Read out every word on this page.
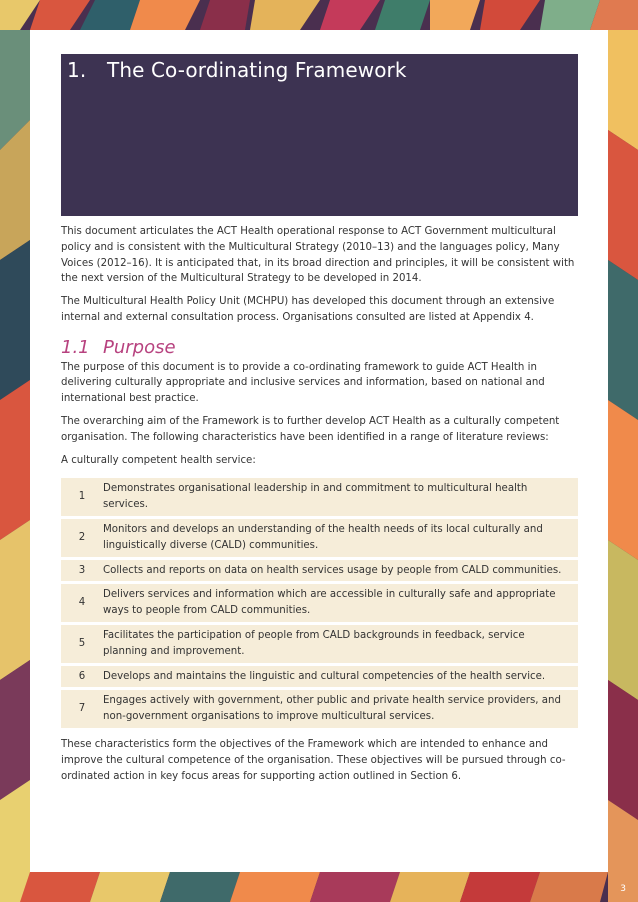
1. The Co-ordinating Framework

This document articulates the ACT Health operational response to ACT Government multicultural policy and is consistent with the Multicultural Strategy (2010–13) and the languages policy, Many Voices (2012–16). It is anticipated that, in its broad direction and principles, it will be consistent with the next version of the Multicultural Strategy to be developed in 2014.

The Multicultural Health Policy Unit (MCHPU) has developed this document through an extensive internal and external consultation process. Organisations consulted are listed at Appendix 4.

1.1 Purpose

The purpose of this document is to provide a co-ordinating framework to guide ACT Health in delivering culturally appropriate and inclusive services and information, based on national and international best practice.

The overarching aim of the Framework is to further develop ACT Health as a culturally competent organisation. The following characteristics have been identified in a range of literature reviews:

A culturally competent health service:

1	Demonstrates organisational leadership in and commitment to multicultural health services.
2	Monitors and develops an understanding of the health needs of its local culturally and linguistically diverse (CALD) communities.
3	Collects and reports on data on health services usage by people from CALD communities.
4	Delivers services and information which are accessible in culturally safe and appropriate ways to people from CALD communities.
5	Facilitates the participation of people from CALD backgrounds in feedback, service planning and improvement.
6	Develops and maintains the linguistic and cultural competencies of the health service.
7	Engages actively with government, other public and private health service providers, and non-government organisations to improve multicultural services.

These characteristics form the objectives of the Framework which are intended to enhance and improve the cultural competence of the organisation. These objectives will be pursued through co-ordinated action in key focus areas for supporting action outlined in Section 6.

3
